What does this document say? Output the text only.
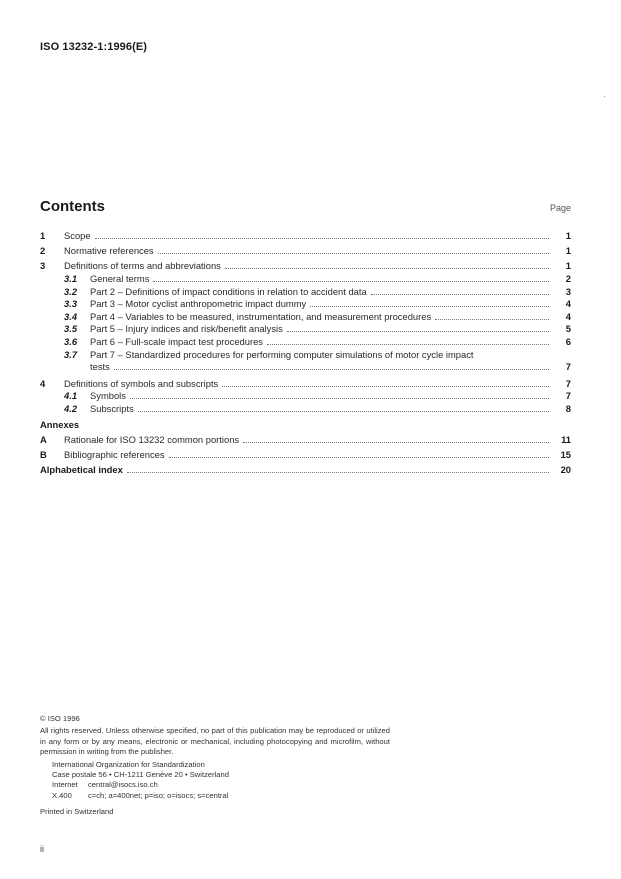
ISO 13232-1:1996(E)
Contents	Page
1	Scope	1
2	Normative references	1
3	Definitions of terms and abbreviations	1
3.1	General terms	2
3.2	Part 2 – Definitions of impact conditions in relation to accident data	3
3.3	Part 3 – Motor cyclist anthropometric impact dummy	4
3.4	Part 4 – Variables to be measured, instrumentation, and measurement procedures	4
3.5	Part 5 – Injury indices and risk/benefit analysis	5
3.6	Part 6 – Full-scale impact test procedures	6
3.7	Part 7 – Standardized procedures for performing computer simulations of motor cycle impact
tests	7
4	Definitions of symbols and subscripts	7
4.1	Symbols	7
4.2	Subscripts	8
Annexes
A	Rationale for ISO 13232 common portions	11
B	Bibliographic references	15
Alphabetical index	20
© ISO 1996
All rights reserved. Unless otherwise specified, no part of this publication may be reproduced or utilized in any form or by any means, electronic or mechanical, including photocopying and microfilm, without permission in writing from the publisher.
International Organization for Standardization
Case postale 56 • CH-1211 Genève 20 • Switzerland
Internet	central@isocs.iso.ch
X.400	c=ch; a=400net; p=iso; o=isocs; s=central
Printed in Switzerland
ii
